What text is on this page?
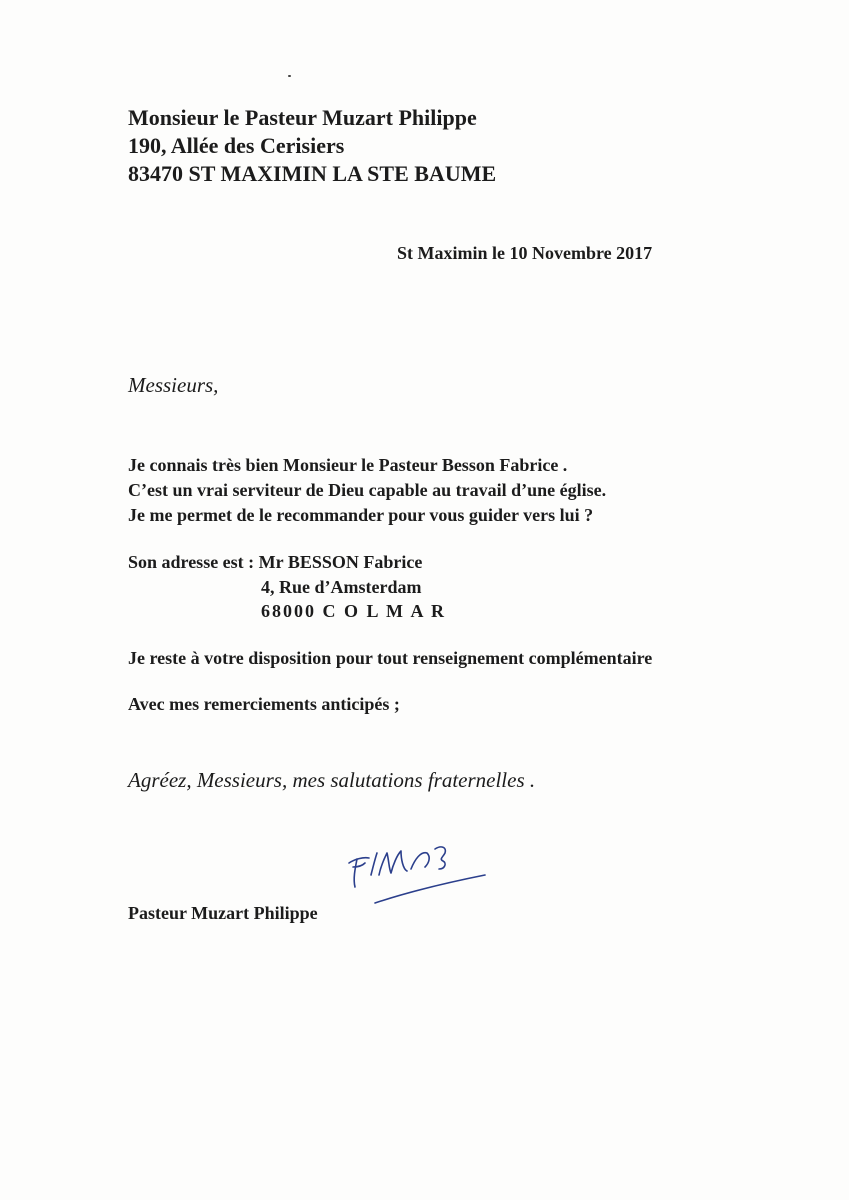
Monsieur le Pasteur Muzart Philippe
190, Allée des Cerisiers
83470 ST MAXIMIN LA STE BAUME
St Maximin le 10 Novembre 2017
Messieurs,
Je connais très bien Monsieur le Pasteur Besson Fabrice .
C’est un vrai serviteur de Dieu capable au travail d’une église.
Je me permet de le recommander pour vous guider vers lui ?
Son adresse est : Mr BESSON Fabrice
4, Rue d’Amsterdam
68000 C O L M A R
Je reste à votre disposition pour tout renseignement complémentaire
Avec mes remerciements anticipés ;
Agréez, Messieurs, mes salutations fraternelles .
Pasteur Muzart Philippe
